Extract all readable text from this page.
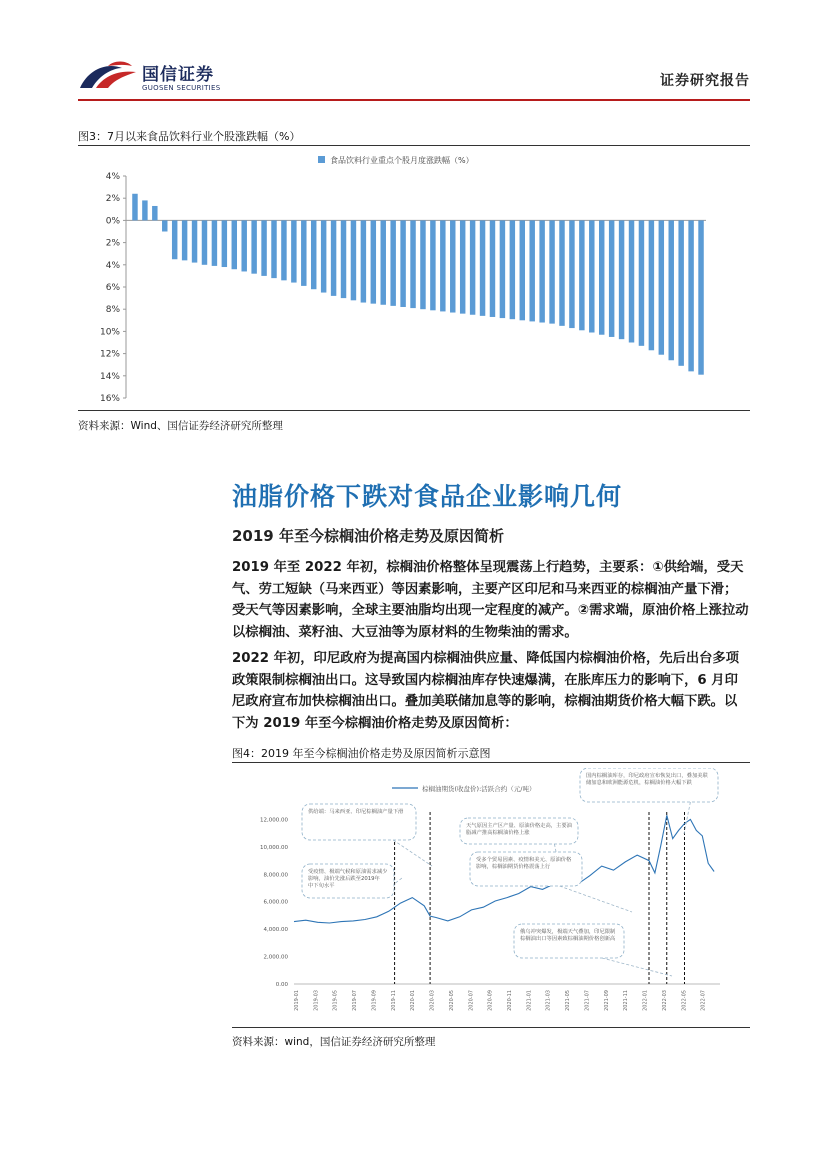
国信证券
GUOSEN SECURITIES	证券研究报告
图3：7月以来食品饮料行业个股涨跌幅（%）
食品饮料行业重点个股月度涨跌幅（%）
4%
2%
0%
2%
4%
6%
8%
10%
12%
14%
16%
资料来源：Wind、国信证券经济研究所整理
油脂价格下跌对食品企业影响几何
2019 年至今棕榈油价格走势及原因简析
2019 年至 2022 年初，棕榈油价格整体呈现震荡上行趋势，主要系：①供给端，受天气、劳工短缺（马来西亚）等因素影响，主要产区印尼和马来西亚的棕榈油产量下滑；受天气等因素影响，全球主要油脂均出现一定程度的减产。②需求端，原油价格上涨拉动以棕榈油、菜籽油、大豆油等为原材料的生物柴油的需求。
2022 年初，印尼政府为提高国内棕榈油供应量、降低国内棕榈油价格，先后出台多项政策限制棕榈油出口。这导致国内棕榈油库存快速爆满，在胀库压力的影响下，6 月印尼政府宣布加快棕榈油出口。叠加美联储加息等的影响，棕榈油期货价格大幅下跌。以下为 2019 年至今棕榈油价格走势及原因简析：
图4：2019 年至今棕榈油价格走势及原因简析示意图
棕榈油期货(收盘价):活跃合约（元/吨）
0.00
2,000.00
4,000.00
6,000.00
8,000.00
10,000.00
12,000.00
2019-01	2019-03	2019-05	2019-07	2019-09	2019-11	2020-01	2020-03	2020-05	2020-07	2020-09	2020-11	2021-01	2021-03	2021-05	2021-07	2021-09	2021-11	2022-01	2022-03	2022-05	2022-07
受疫情、极端气候和原油需求减少影响，油价先涨后跌至2019年中下旬水平
供给端：马来西亚、印尼棕榈油产量下滑
天气原因主产区产量、原油价格走高，主要油脂减产推高棕榈油价格上涨
受多个贸易因素、疫情和美元、原油价格影响，棕榈油期货价格震荡上行
俄乌冲突爆发，极端天气叠加，印尼限制棕榈油出口等因素致棕榈油期价格创新高
国内棕榈油库存，印尼政府宣布恢复出口，叠加美联储加息和欧洲能源危机，棕榈油价格大幅下跌
资料来源：wind，国信证券经济研究所整理
